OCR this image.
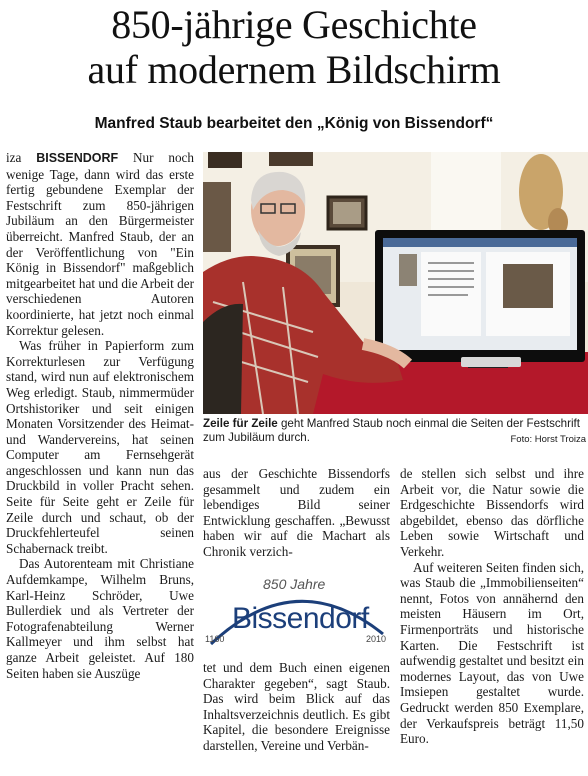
850-jährige Geschichte
auf modernem Bildschirm
Manfred Staub bearbeitet den „König von Bissendorf“

iza BISSENDORF Nur noch wenige Tage, dann wird das erste fertig gebundene Exemplar der Festschrift zum 850-jährigen Jubiläum an den Bürgermeister überreicht. Manfred Staub, der an der Veröffentlichung von "Ein König in Bissendorf" maßgeblich mitgearbeitet hat und die Arbeit der verschiedenen Autoren koordinierte, hat jetzt noch einmal Korrektur gelesen.

Was früher in Papierform zum Korrekturlesen zur Verfügung stand, wird nun auf elektronischem Weg erledigt. Staub, nimmermüder Ortshistoriker und seit einigen Monaten Vorsitzender des Heimat- und Wandervereins, hat seinen Computer am Fernsehgerät angeschlossen und kann nun das Druckbild in voller Pracht sehen. Seite für Seite geht er Zeile für Zeile durch und schaut, ob der Druckfehlerteufel seinen Schabernack treibt.

Das Autorenteam mit Christiane Aufdemkampe, Wilhelm Bruns, Karl-Heinz Schröder, Uwe Bullerdiek und als Vertreter der Fotografenabteilung Werner Kallmeyer und ihm selbst hat ganze Arbeit geleistet. Auf 180 Seiten haben sie Auszüge

Zeile für Zeile geht Manfred Staub noch einmal die Seiten der Festschrift zum Jubiläum durch.	Foto: Horst Troiza

aus der Geschichte Bissendorfs gesammelt und zudem ein lebendiges Bild seiner Entwicklung geschaffen. „Bewusst haben wir auf die Machart als Chronik verzich-

850 Jahre
Bissendorf
1160	2010

tet und dem Buch einen eigenen Charakter gegeben“, sagt Staub. Das wird beim Blick auf das Inhaltsverzeichnis deutlich. Es gibt Kapitel, die besondere Ereignisse darstellen, Vereine und Verbän-

de stellen sich selbst und ihre Arbeit vor, die Natur sowie die Erdgeschichte Bissendorfs wird abgebildet, ebenso das dörfliche Leben sowie Wirtschaft und Verkehr.

Auf weiteren Seiten finden sich, was Staub die „Immobilienseiten“ nennt, Fotos von annähernd den meisten Häusern im Ort, Firmenporträts und historische Karten. Die Festschrift ist aufwendig gestaltet und besitzt ein modernes Layout, das von Uwe Imsiepen gestaltet wurde. Gedruckt werden 850 Exemplare, der Verkaufspreis beträgt 11,50 Euro.
